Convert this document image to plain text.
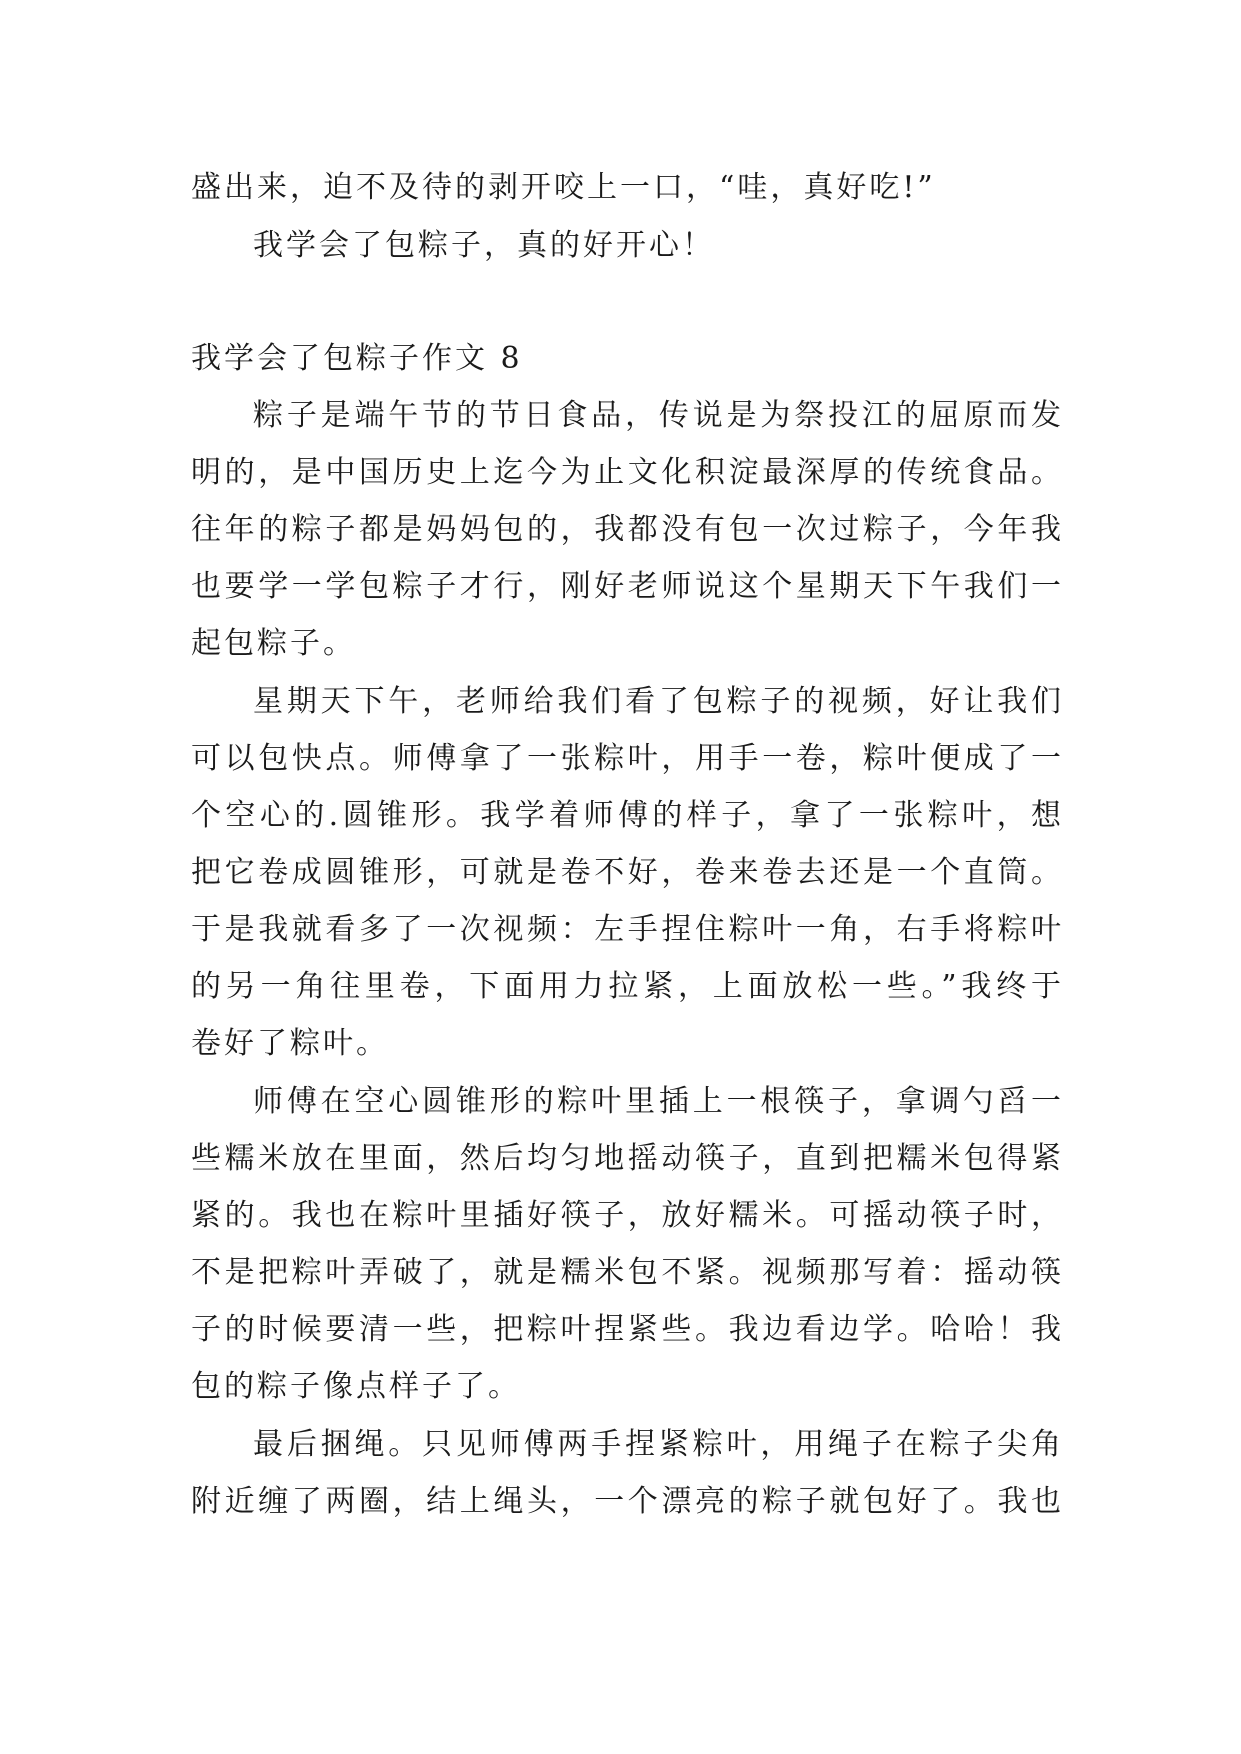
盛出来，迫不及待的剥开咬上一口，“哇，真好吃!”
我学会了包粽子，真的好开心！
我学会了包粽子作文 8
粽子是端午节的节日食品，传说是为祭投江的屈原而发
明的，是中国历史上迄今为止文化积淀最深厚的传统食品。
往年的粽子都是妈妈包的，我都没有包一次过粽子，今年我
也要学一学包粽子才行，刚好老师说这个星期天下午我们一
起包粽子。
星期天下午，老师给我们看了包粽子的视频，好让我们
可以包快点。师傅拿了一张粽叶，用手一卷，粽叶便成了一
个空心的.圆锥形。我学着师傅的样子，拿了一张粽叶，想
把它卷成圆锥形，可就是卷不好，卷来卷去还是一个直筒。
于是我就看多了一次视频：左手捏住粽叶一角，右手将粽叶
的另一角往里卷，下面用力拉紧，上面放松一些。”我终于
卷好了粽叶。
师傅在空心圆锥形的粽叶里插上一根筷子，拿调勺舀一
些糯米放在里面，然后均匀地摇动筷子，直到把糯米包得紧
紧的。我也在粽叶里插好筷子，放好糯米。可摇动筷子时，
不是把粽叶弄破了，就是糯米包不紧。视频那写着：摇动筷
子的时候要清一些，把粽叶捏紧些。我边看边学。哈哈！我
包的粽子像点样子了。
最后捆绳。只见师傅两手捏紧粽叶，用绳子在粽子尖角
附近缠了两圈，结上绳头，一个漂亮的粽子就包好了。我也
